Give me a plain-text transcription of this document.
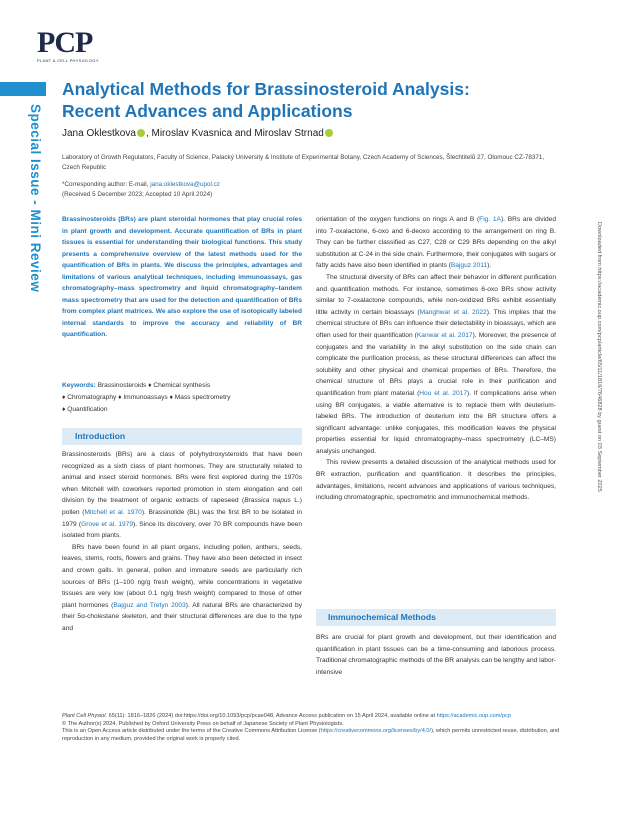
PCP
PLANT & CELL PHYSIOLOGY
Special Issue - Mini Review
Analytical Methods for Brassinosteroid Analysis: Recent Advances and Applications
Jana Oklestkova , Miroslav Kvasnica and Miroslav Strnad
Laboratory of Growth Regulators, Faculty of Science, Palacký University & Institute of Experimental Botany, Czech Academy of Sciences, Šlechtitelů 27, Olomouc CZ-78371, Czech Republic
*Corresponding author: E-mail, jana.oklestkova@upol.cz
(Received 5 December 2023; Accepted 10 April 2024)
Brassinosteroids (BRs) are plant steroidal hormones that play crucial roles in plant growth and development. Accurate quantification of BRs in plant tissues is essential for understanding their biological functions. This study presents a comprehensive overview of the latest methods used for the quantification of BRs in plants. We discuss the principles, advantages and limitations of various analytical techniques, including immunoassays, gas chromatography–mass spectrometry and liquid chromatography–tandem mass spectrometry that are used for the detection and quantification of BRs from complex plant matrices. We also explore the use of isotopically labeled internal standards to improve the accuracy and reliability of BR quantification.
Keywords: Brassinosteroids ♦ Chemical synthesis
♦ Chromatography ♦ Immunoassays ♦ Mass spectrometry
♦ Quantification
Introduction

Brassinosteroids (BRs) are a class of polyhydroxysteroids that have been recognized as a sixth class of plant hormones. They are structurally related to animal and insect steroid hormones. BRs were first explored during the 1970s when Mitchell with coworkers reported promotion in stem elongation and cell division by the treatment of organic extracts of rapeseed (Brassica napus L.) pollen (Mitchell et al. 1970). Brassinolide (BL) was the first BR to be isolated in 1979 (Grove et al. 1979). Since its discovery, over 70 BR compounds have been isolated from plants.

BRs have been found in all plant organs, including pollen, anthers, seeds, leaves, stems, roots, flowers and grains. They have also been detected in insect and crown galls. In general, pollen and immature seeds are particularly rich sources of BRs (1–100 ng/g fresh weight), while concentrations in vegetative tissues are very low (about 0.1 ng/g fresh weight) compared to those of other plant hormones (Bajguz and Tretyn 2003). All natural BRs are characterized by their 5α-cholestane skeleton, and their structural differences are due to the type and

orientation of the oxygen functions on rings A and B (Fig. 1A). BRs are divided into 7-oxalactone, 6-oxo and 6-deoxo according to the arrangement on ring B. They can be further classified as C27, C28 or C29 BRs depending on the alkyl substitution at C-24 in the side chain. Furthermore, their conjugates with sugars or fatty acids have also been identified in plants (Bajguz 2011).

The structural diversity of BRs can affect their behavior in different purification and quantification methods. For instance, sometimes 6-oxo BRs show activity similar to 7-oxalactone compounds, while non-oxidized BRs exhibit essentially little activity in certain bioassays (Manghwar et al. 2022). This implies that the chemical structure of BRs can influence their detectability in bioassays, which are often used for their quantification (Kanwar et al. 2017). Moreover, the presence of conjugates and the variability in the alkyl substitution on the side chain can complicate the purification process, as these structural differences can affect the solubility and other physical and chemical properties of BRs. Therefore, the chemical structure of BRs plays a crucial role in their purification and quantification from plant material (Hou et al. 2017). If complications arise when using BR conjugates, a viable alternative is to replace them with deuterium-labeled BRs. The introduction of deuterium into the BR structure offers a significant advantage: unlike conjugates, this modification leaves the physical properties essential for liquid chromatography–mass spectrometry (LC–MS) analysis unchanged.

This review presents a detailed discussion of the analytical methods used for BR extraction, purification and quantification. It describes the principles, advantages, limitations, recent advances and applications of various techniques, including chromatographic, spectrometric and immunochemical methods.

Immunochemical Methods

BRs are crucial for plant growth and development, but their identification and quantification in plant tissues can be a time-consuming and laborious process. Traditional chromatographic methods of the BR analysis can be lengthy and labor-intensive

Downloaded from https://academic.oup.com/pcp/article/65/11/1816/7646828 by guest on 03 September 2025

Plant Cell Physiol. 65(11): 1816–1826 (2024) doi:https://doi.org/10.1093/pcp/pcae048, Advance Access publication on 15 April 2024, available online at https://academic.oup.com/pcp

© The Author(s) 2024. Published by Oxford University Press on behalf of Japanese Society of Plant Physiologists.

This is an Open Access article distributed under the terms of the Creative Commons Attribution License (https://creativecommons.org/licenses/by/4.0/), which permits unrestricted reuse, distribution, and reproduction in any medium, provided the original work is properly cited.
